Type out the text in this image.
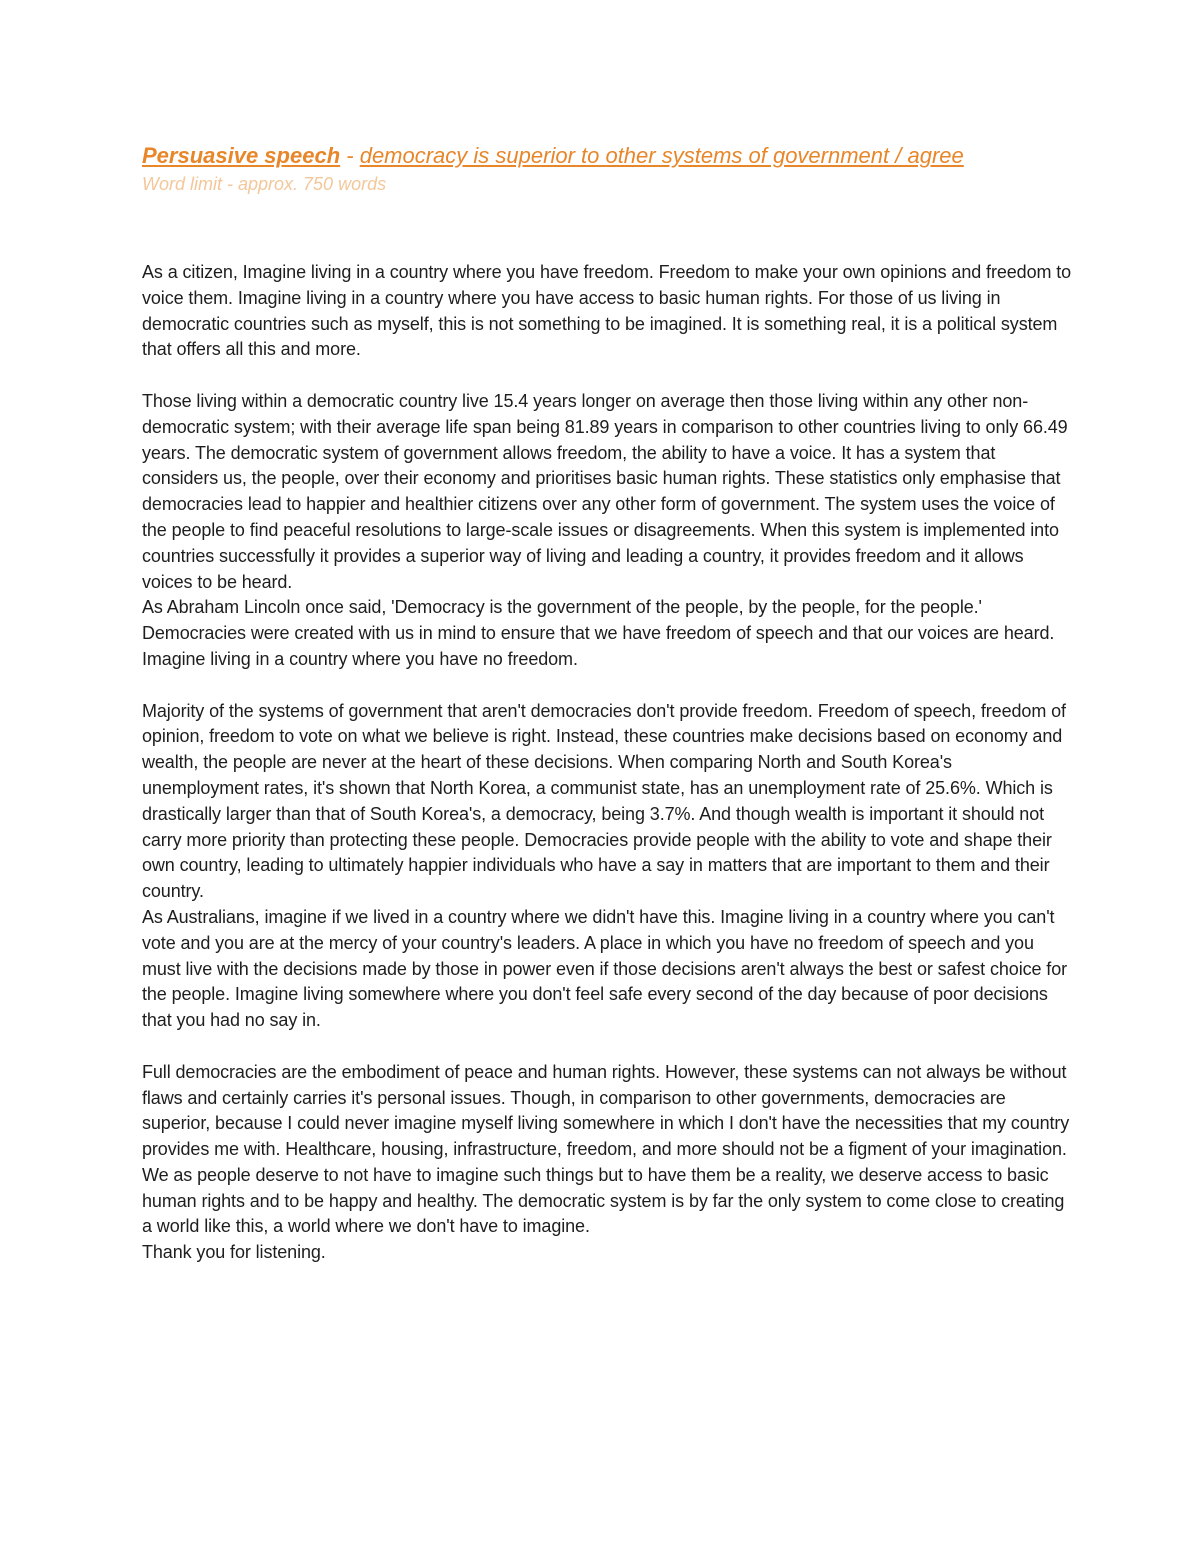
Persuasive speech - democracy is superior to other systems of government / agree
Word limit - approx. 750 words

As a citizen, Imagine living in a country where you have freedom. Freedom to make your own opinions and freedom to voice them. Imagine living in a country where you have access to basic human rights. For those of us living in democratic countries such as myself, this is not something to be imagined. It is something real, it is a political system that offers all this and more.

Those living within a democratic country live 15.4 years longer on average then those living within any other non-democratic system; with their average life span being 81.89 years in comparison to other countries living to only 66.49 years. The democratic system of government allows freedom, the ability to have a voice. It has a system that considers us, the people, over their economy and prioritises basic human rights. These statistics only emphasise that democracies lead to happier and healthier citizens over any other form of government. The system uses the voice of the people to find peaceful resolutions to large-scale issues or disagreements. When this system is implemented into countries successfully it provides a superior way of living and leading a country, it provides freedom and it allows voices to be heard.

As Abraham Lincoln once said, 'Democracy is the government of the people, by the people, for the people.'

Democracies were created with us in mind to ensure that we have freedom of speech and that our voices are heard. Imagine living in a country where you have no freedom.

Majority of the systems of government that aren't democracies don't provide freedom. Freedom of speech, freedom of opinion, freedom to vote on what we believe is right. Instead, these countries make decisions based on economy and wealth, the people are never at the heart of these decisions. When comparing North and South Korea's unemployment rates, it's shown that North Korea, a communist state, has an unemployment rate of 25.6%. Which is drastically larger than that of South Korea's, a democracy, being 3.7%. And though wealth is important it should not carry more priority than protecting these people. Democracies provide people with the ability to vote and shape their own country, leading to ultimately happier individuals who have a say in matters that are important to them and their country.

As Australians, imagine if we lived in a country where we didn't have this. Imagine living in a country where you can't vote and you are at the mercy of your country's leaders. A place in which you have no freedom of speech and you must live with the decisions made by those in power even if those decisions aren't always the best or safest choice for the people. Imagine living somewhere where you don't feel safe every second of the day because of poor decisions that you had no say in.

Full democracies are the embodiment of peace and human rights. However, these systems can not always be without flaws and certainly carries it's personal issues. Though, in comparison to other governments, democracies are superior, because I could never imagine myself living somewhere in which I don't have the necessities that my country provides me with. Healthcare, housing, infrastructure, freedom, and more should not be a figment of your imagination. We as people deserve to not have to imagine such things but to have them be a reality, we deserve access to basic human rights and to be happy and healthy. The democratic system is by far the only system to come close to creating a world like this, a world where we don't have to imagine.

Thank you for listening.
